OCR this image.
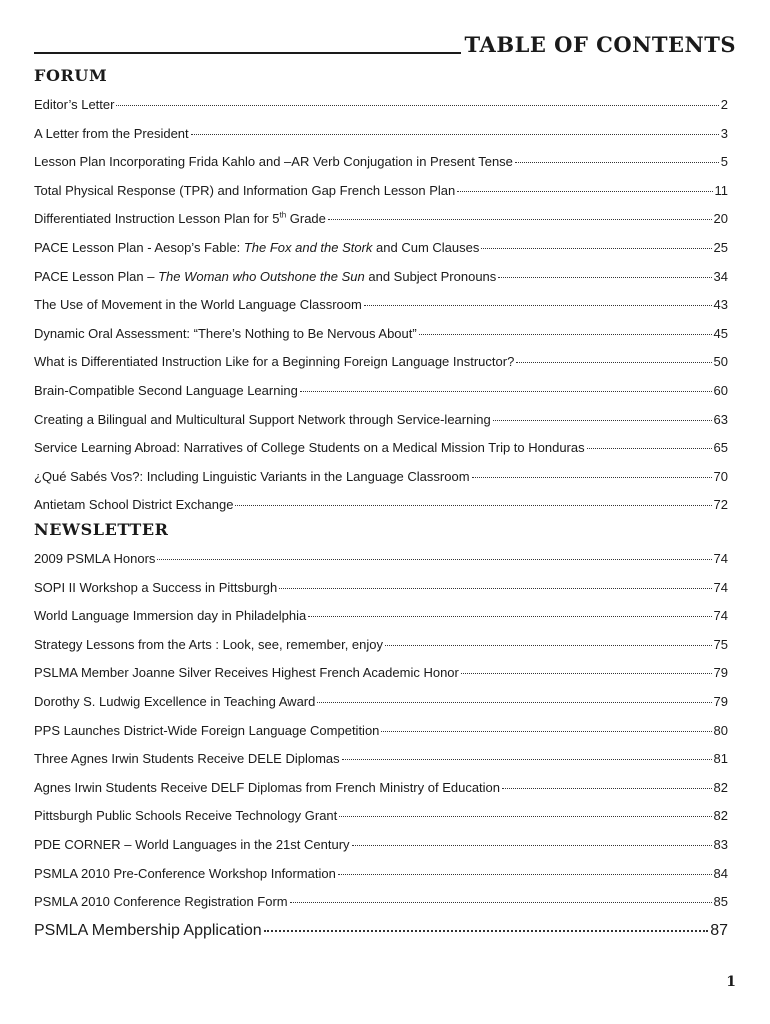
TABLE OF CONTENTS
FORUM
Editor’s Letter	2
A Letter from the President	3
Lesson Plan Incorporating Frida Kahlo and –AR Verb Conjugation in Present Tense	5
Total Physical Response (TPR) and Information Gap French Lesson Plan	11
Differentiated Instruction Lesson Plan for 5th Grade	20
PACE Lesson Plan - Aesop’s Fable: The Fox and the Stork and Cum Clauses	25
PACE Lesson Plan – The Woman who Outshone the Sun and Subject Pronouns	34
The Use of Movement in the World Language Classroom	43
Dynamic Oral Assessment: “There’s Nothing to Be Nervous About”	45
What is Differentiated Instruction Like for a Beginning Foreign Language Instructor?	50
Brain-Compatible Second Language Learning	60
Creating a Bilingual and Multicultural Support Network through Service-learning	63
Service Learning Abroad: Narratives of College Students on a Medical Mission Trip to Honduras	65
¿Qué Sabés Vos?: Including Linguistic Variants in the Language Classroom	70
Antietam School District Exchange	72
NEWSLETTER
2009 PSMLA Honors	74
SOPI II Workshop a Success in Pittsburgh	74
World Language Immersion day in Philadelphia	74
Strategy Lessons from the Arts : Look, see, remember, enjoy	75
PSLMA Member Joanne Silver Receives Highest French Academic Honor	79
Dorothy S. Ludwig Excellence in Teaching Award	79
PPS Launches District-Wide Foreign Language Competition	80
Three Agnes Irwin Students Receive DELE Diplomas	81
Agnes Irwin Students Receive DELF Diplomas from French Ministry of Education	82
Pittsburgh Public Schools Receive Technology Grant	82
PDE CORNER – World Languages in the 21st Century	83
PSMLA 2010 Pre-Conference Workshop Information	84
PSMLA 2010 Conference Registration Form	85
PSMLA Membership Application	87
1
